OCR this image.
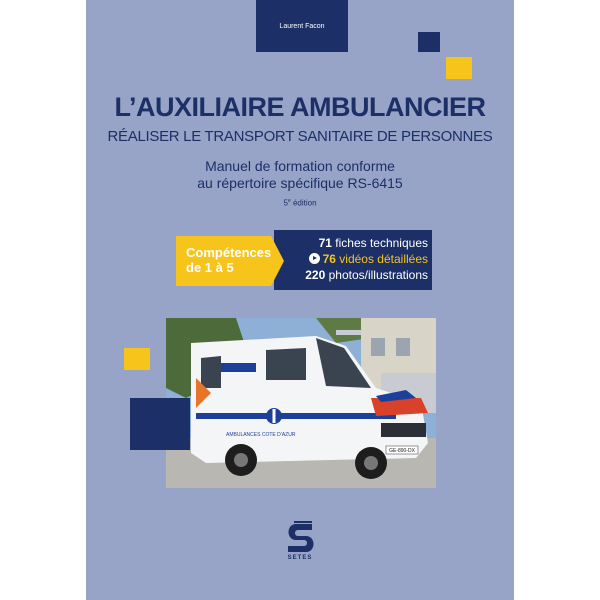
Laurent Facon
L’AUXILIAIRE AMBULANCIER
RÉALISER LE TRANSPORT SANITAIRE DE PERSONNES
Manuel de formation conforme
au répertoire spécifique RS-6415
5e édition
Compétences
de 1 à 5
71 fiches techniques
76 vidéos détaillées
220 photos/illustrations
GE-890-DX
AMBULANCES COTE D’AZUR
SETES
